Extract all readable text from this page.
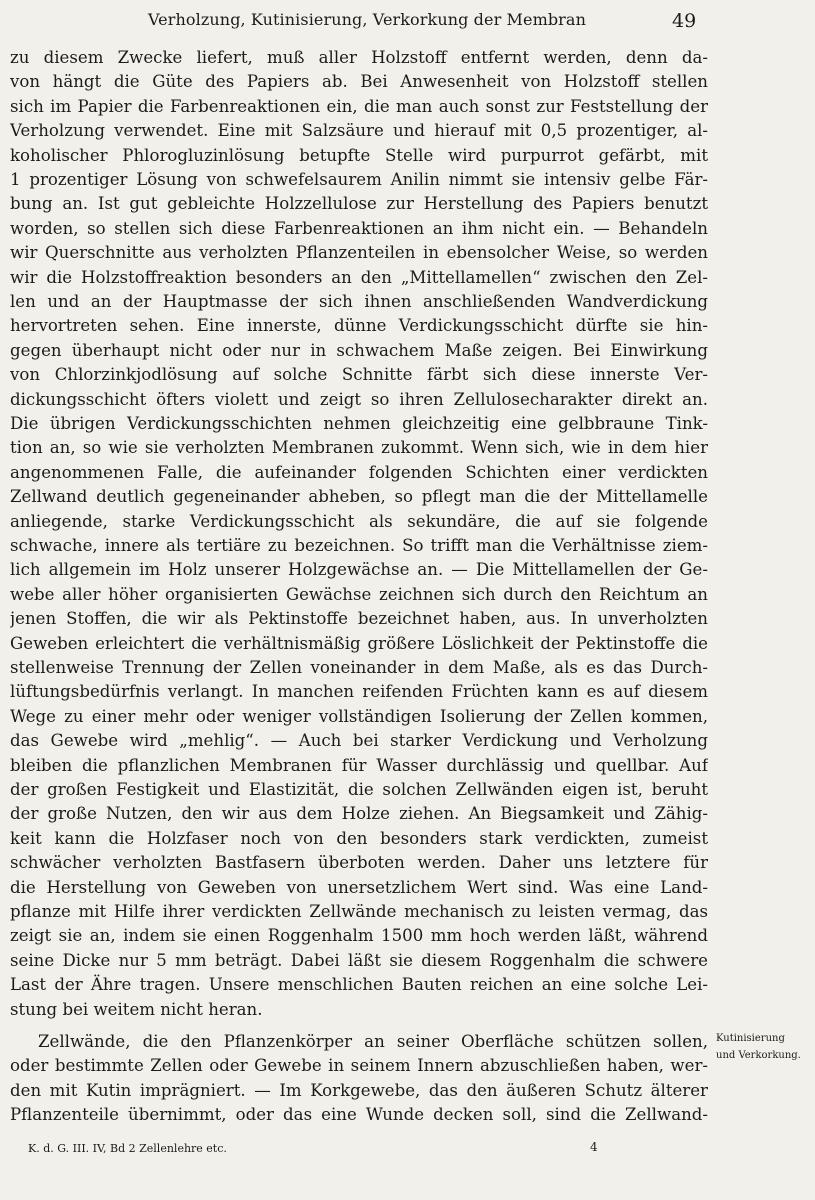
Verholzung, Kutinisierung, Verkorkung der Membran	49
zu diesem Zwecke liefert, muß aller Holzstoff entfernt werden, denn da-
von hängt die Güte des Papiers ab. Bei Anwesenheit von Holzstoff stellen
sich im Papier die Farbenreaktionen ein, die man auch sonst zur Feststellung der
Verholzung verwendet. Eine mit Salzsäure und hierauf mit 0,5 prozentiger, al-
koholischer Phlorogluzinlösung betupfte Stelle wird purpurrot gefärbt, mit
1 prozentiger Lösung von schwefelsaurem Anilin nimmt sie intensiv gelbe Fär-
bung an. Ist gut gebleichte Holzzellulose zur Herstellung des Papiers benutzt
worden, so stellen sich diese Farbenreaktionen an ihm nicht ein. — Behandeln
wir Querschnitte aus verholzten Pflanzenteilen in ebensolcher Weise, so werden
wir die Holzstoffreaktion besonders an den „Mittellamellen“ zwischen den Zel-
len und an der Hauptmasse der sich ihnen anschließenden Wandverdickung
hervortreten sehen. Eine innerste, dünne Verdickungsschicht dürfte sie hin-
gegen überhaupt nicht oder nur in schwachem Maße zeigen. Bei Einwirkung
von Chlorzinkjodlösung auf solche Schnitte färbt sich diese innerste Ver-
dickungsschicht öfters violett und zeigt so ihren Zellulosecharakter direkt an.
Die übrigen Verdickungsschichten nehmen gleichzeitig eine gelbbraune Tink-
tion an, so wie sie verholzten Membranen zukommt. Wenn sich, wie in dem hier
angenommenen Falle, die aufeinander folgenden Schichten einer verdickten
Zellwand deutlich gegeneinander abheben, so pflegt man die der Mittellamelle
anliegende, starke Verdickungsschicht als sekundäre, die auf sie folgende
schwache, innere als tertiäre zu bezeichnen. So trifft man die Verhältnisse ziem-
lich allgemein im Holz unserer Holzgewächse an. — Die Mittellamellen der Ge-
webe aller höher organisierten Gewächse zeichnen sich durch den Reichtum an
jenen Stoffen, die wir als Pektinstoffe bezeichnet haben, aus. In unverholzten
Geweben erleichtert die verhältnismäßig größere Löslichkeit der Pektinstoffe die
stellenweise Trennung der Zellen voneinander in dem Maße, als es das Durch-
lüftungsbedürfnis verlangt. In manchen reifenden Früchten kann es auf diesem
Wege zu einer mehr oder weniger vollständigen Isolierung der Zellen kommen,
das Gewebe wird „mehlig“. — Auch bei starker Verdickung und Verholzung
bleiben die pflanzlichen Membranen für Wasser durchlässig und quellbar. Auf
der großen Festigkeit und Elastizität, die solchen Zellwänden eigen ist, beruht
der große Nutzen, den wir aus dem Holze ziehen. An Biegsamkeit und Zähig-
keit kann die Holzfaser noch von den besonders stark verdickten, zumeist
schwächer verholzten Bastfasern überboten werden. Daher uns letztere für
die Herstellung von Geweben von unersetzlichem Wert sind. Was eine Land-
pflanze mit Hilfe ihrer verdickten Zellwände mechanisch zu leisten vermag, das
zeigt sie an, indem sie einen Roggenhalm 1500 mm hoch werden läßt, während
seine Dicke nur 5 mm beträgt. Dabei läßt sie diesem Roggenhalm die schwere
Last der Ähre tragen. Unsere menschlichen Bauten reichen an eine solche Lei-
stung bei weitem nicht heran.
Zellwände, die den Pflanzenkörper an seiner Oberfläche schützen sollen,
oder bestimmte Zellen oder Gewebe in seinem Innern abzuschließen haben, wer-
den mit Kutin imprägniert. — Im Korkgewebe, das den äußeren Schutz älterer
Pflanzenteile übernimmt, oder das eine Wunde decken soll, sind die Zellwand-
Kutinisierung
und Verkorkung.
K. d. G. III. IV, Bd 2 Zellenlehre etc.	4
